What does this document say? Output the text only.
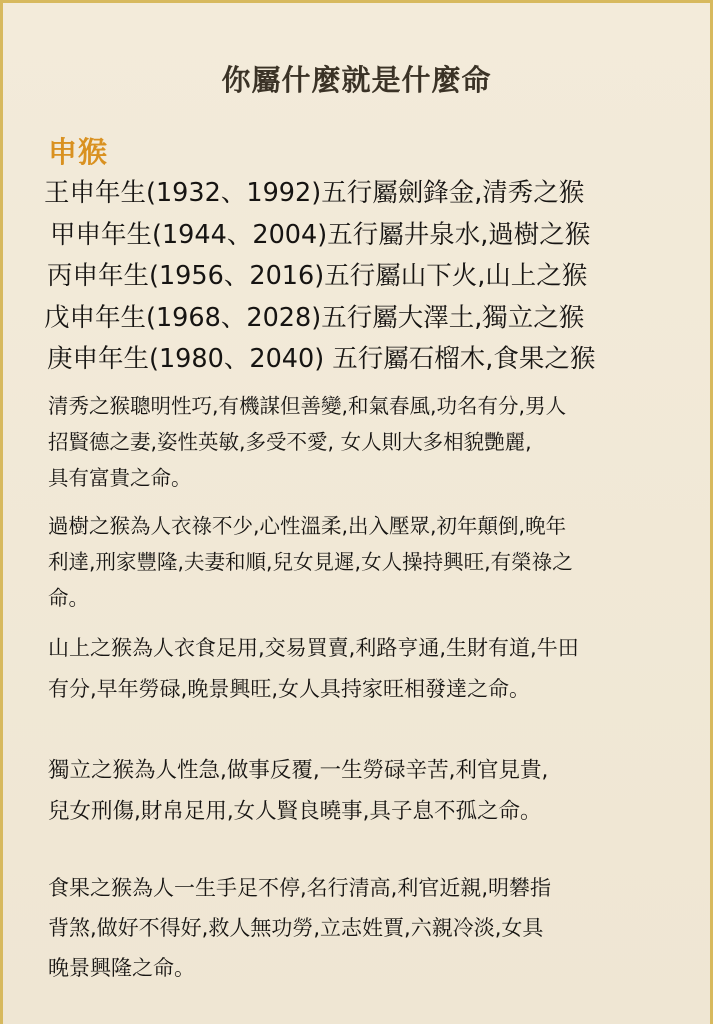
你屬什麼就是什麼命
申猴
王申年生(1932、1992)五行屬劍鋒金,清秀之猴
甲申年生(1944、2004)五行屬井泉水,過樹之猴
丙申年生(1956、2016)五行屬山下火,山上之猴
戊申年生(1968、2028)五行屬大澤土,獨立之猴
庚申年生(1980、2040) 五行屬石榴木,食果之猴
清秀之猴聰明性巧,有機謀但善變,和氣春風,功名有分,男人
招賢德之妻,姿性英敏,多受不愛, 女人則大多相貌艷麗,
具有富貴之命。
過樹之猴為人衣祿不少,心性溫柔,出入壓眾,初年顛倒,晚年
利達,刑家豐隆,夫妻和順,兒女見遲,女人操持興旺,有榮祿之
命。
山上之猴為人衣食足用,交易買賣,利路亨通,生財有道,牛田
有分,早年勞碌,晚景興旺,女人具持家旺相發達之命。
獨立之猴為人性急,做事反覆,一生勞碌辛苦,利官見貴,
兒女刑傷,財帛足用,女人賢良曉事,具子息不孤之命。
食果之猴為人一生手足不停,名行清高,利官近親,明礬指
背煞,做好不得好,救人無功勞,立志姓賈,六親冷淡,女具
晚景興隆之命。
